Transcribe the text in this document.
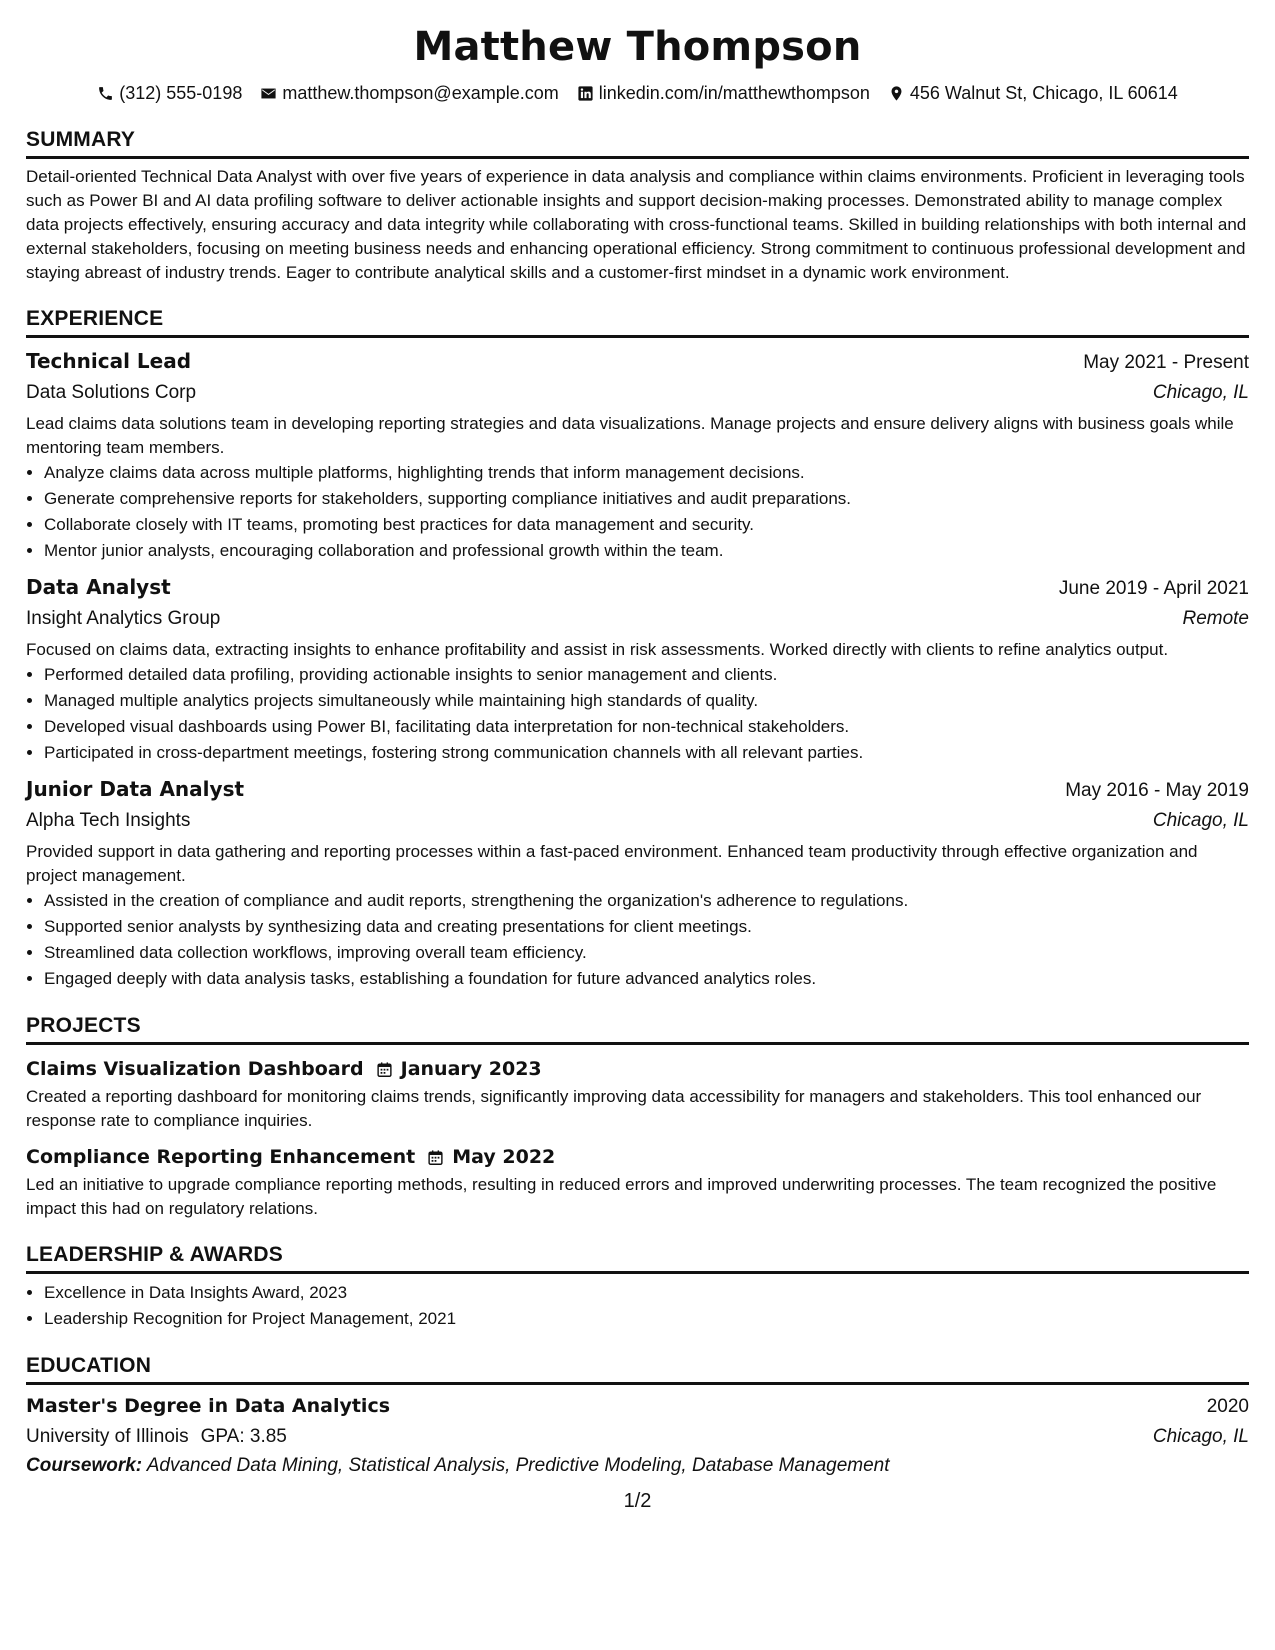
Matthew Thompson
(312) 555-0198 matthew.thompson@example.com linkedin.com/in/matthewthompson 456 Walnut St, Chicago, IL 60614
SUMMARY
Detail-oriented Technical Data Analyst with over five years of experience in data analysis and compliance within claims environments. Proficient in leveraging tools such as Power BI and AI data profiling software to deliver actionable insights and support decision-making processes. Demonstrated ability to manage complex data projects effectively, ensuring accuracy and data integrity while collaborating with cross-functional teams. Skilled in building relationships with both internal and external stakeholders, focusing on meeting business needs and enhancing operational efficiency. Strong commitment to continuous professional development and staying abreast of industry trends. Eager to contribute analytical skills and a customer-first mindset in a dynamic work environment.
EXPERIENCE
Technical Lead	May 2021 - Present
Data Solutions Corp	Chicago, IL
Lead claims data solutions team in developing reporting strategies and data visualizations. Manage projects and ensure delivery aligns with business goals while mentoring team members.
• Analyze claims data across multiple platforms, highlighting trends that inform management decisions.
• Generate comprehensive reports for stakeholders, supporting compliance initiatives and audit preparations.
• Collaborate closely with IT teams, promoting best practices for data management and security.
• Mentor junior analysts, encouraging collaboration and professional growth within the team.
Data Analyst	June 2019 - April 2021
Insight Analytics Group	Remote
Focused on claims data, extracting insights to enhance profitability and assist in risk assessments. Worked directly with clients to refine analytics output.
• Performed detailed data profiling, providing actionable insights to senior management and clients.
• Managed multiple analytics projects simultaneously while maintaining high standards of quality.
• Developed visual dashboards using Power BI, facilitating data interpretation for non-technical stakeholders.
• Participated in cross-department meetings, fostering strong communication channels with all relevant parties.
Junior Data Analyst	May 2016 - May 2019
Alpha Tech Insights	Chicago, IL
Provided support in data gathering and reporting processes within a fast-paced environment. Enhanced team productivity through effective organization and project management.
• Assisted in the creation of compliance and audit reports, strengthening the organization's adherence to regulations.
• Supported senior analysts by synthesizing data and creating presentations for client meetings.
• Streamlined data collection workflows, improving overall team efficiency.
• Engaged deeply with data analysis tasks, establishing a foundation for future advanced analytics roles.
PROJECTS
Claims Visualization Dashboard January 2023
Created a reporting dashboard for monitoring claims trends, significantly improving data accessibility for managers and stakeholders. This tool enhanced our response rate to compliance inquiries.
Compliance Reporting Enhancement May 2022
Led an initiative to upgrade compliance reporting methods, resulting in reduced errors and improved underwriting processes. The team recognized the positive impact this had on regulatory relations.
LEADERSHIP & AWARDS
• Excellence in Data Insights Award, 2023
• Leadership Recognition for Project Management, 2021
EDUCATION
Master's Degree in Data Analytics	2020
University of Illinois GPA: 3.85	Chicago, IL
Coursework: Advanced Data Mining, Statistical Analysis, Predictive Modeling, Database Management
1/2
